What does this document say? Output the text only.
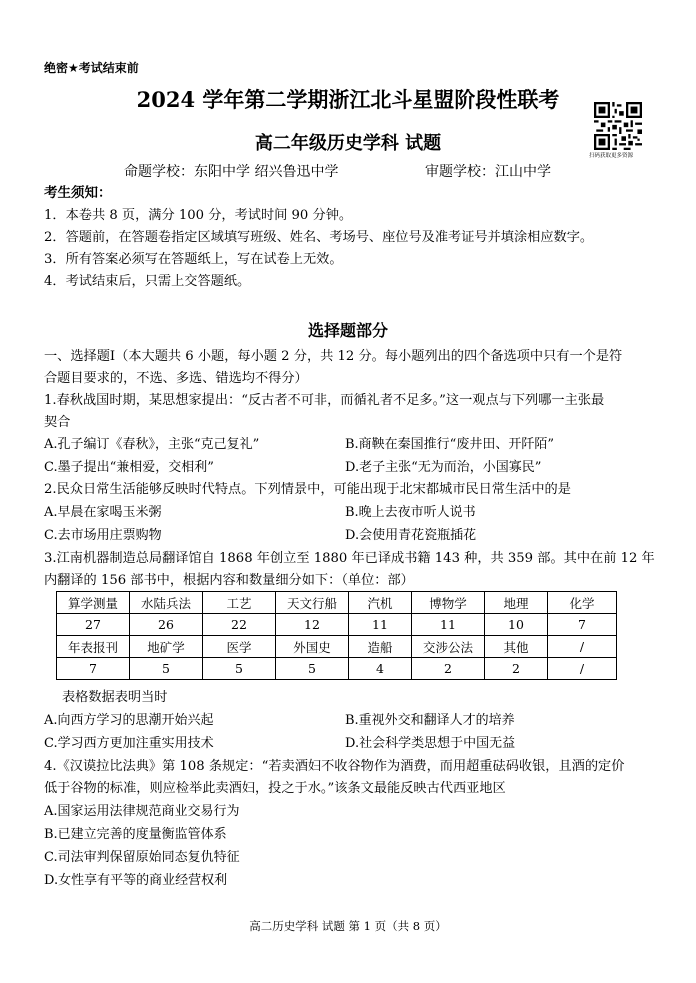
绝密★考试结束前
2024 学年第二学期浙江北斗星盟阶段性联考
高二年级历史学科 试题
扫码获取更多资源
命题学校：东阳中学 绍兴鲁迅中学	审题学校：江山中学
考生须知：
1．本卷共 8 页，满分 100 分，考试时间 90 分钟。
2．答题前，在答题卷指定区域填写班级、姓名、考场号、座位号及准考证号并填涂相应数字。
3．所有答案必须写在答题纸上，写在试卷上无效。
4．考试结束后，只需上交答题纸。
选择题部分
一、选择题Ⅰ（本大题共 6 小题，每小题 2 分，共 12 分。每小题列出的四个备选项中只有一个是符
合题目要求的，不选、多选、错选均不得分）
1.春秋战国时期，某思想家提出：“反古者不可非，而循礼者不足多。”这一观点与下列哪一主张最
契合
A.孔子编订《春秋》，主张“克己复礼”	B.商鞅在秦国推行“废井田、开阡陌”
C.墨子提出“兼相爱，交相利”	D.老子主张“无为而治，小国寡民”
2.民众日常生活能够反映时代特点。下列情景中，可能出现于北宋都城市民日常生活中的是
A.早晨在家喝玉米粥	B.晚上去夜市听人说书
C.去市场用庄票购物	D.会使用青花瓷瓶插花
3.江南机器制造总局翻译馆自 1868 年创立至 1880 年已译成书籍 143 种，共 359 部。其中在前 12 年
内翻译的 156 部书中，根据内容和数量细分如下：（单位：部）
算学测量	水陆兵法	工艺	天文行船	汽机	博物学	地理	化学
27	26	22	12	11	11	10	7
年表报刊	地矿学	医学	外国史	造船	交涉公法	其他	/
7	5	5	5	4	2	2	/
表格数据表明当时
A.向西方学习的思潮开始兴起	B.重视外交和翻译人才的培养
C.学习西方更加注重实用技术	D.社会科学类思想于中国无益
4.《汉谟拉比法典》第 108 条规定：“若卖酒妇不收谷物作为酒费，而用超重砝码收银，且酒的定价
低于谷物的标准，则应检举此卖酒妇，投之于水。”该条文最能反映古代西亚地区
A.国家运用法律规范商业交易行为
B.已建立完善的度量衡监管体系
C.司法审判保留原始同态复仇特征
D.女性享有平等的商业经营权利
高二历史学科 试题 第 1 页（共 8 页）
